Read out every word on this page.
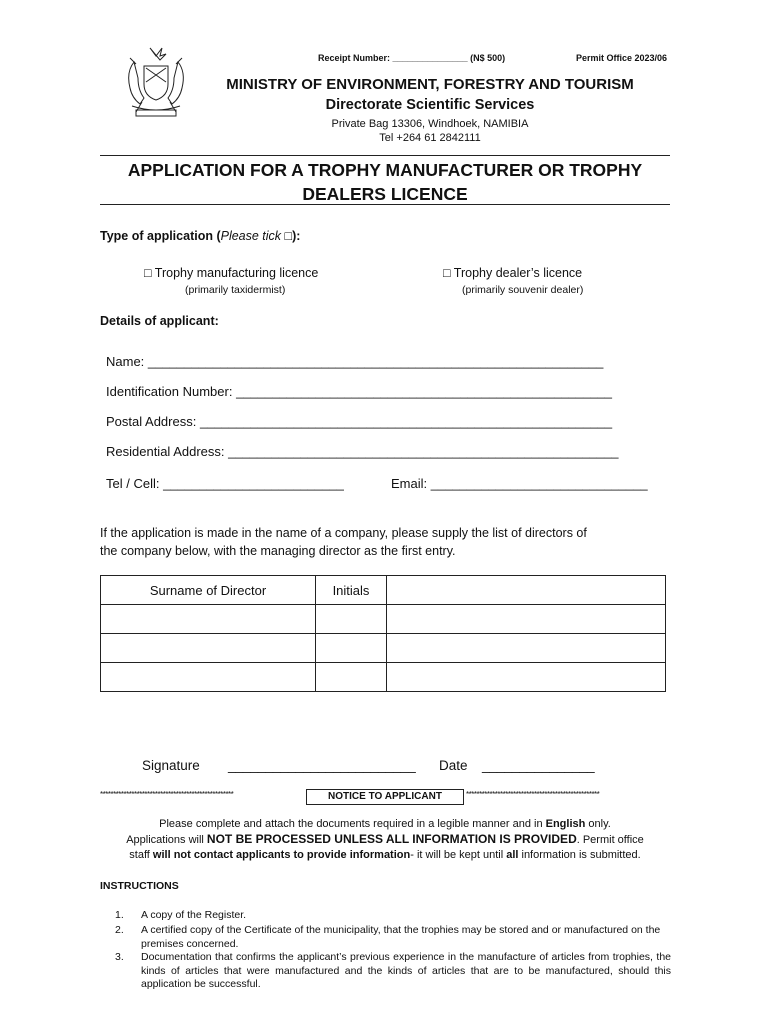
Receipt Number: _______________ (N$ 500)	Permit Office 2023/06
MINISTRY OF ENVIRONMENT, FORESTRY AND TOURISM
Directorate Scientific Services
Private Bag 13306, Windhoek, NAMIBIA
Tel +264 61 2842111
APPLICATION FOR A TROPHY MANUFACTURER OR TROPHY
DEALERS LICENCE
Type of application (Please tick □):
□ Trophy manufacturing licence
(primarily taxidermist)
□ Trophy dealer’s licence
(primarily souvenir dealer)
Details of applicant:
Name: _______________________________________________________________
Identification Number: ____________________________________________________
Postal Address: _________________________________________________________
Residential Address: ______________________________________________________
Tel / Cell: _________________________	Email: ______________________________
If the application is made in the name of a company, please supply the list of directors of
the company below, with the managing director as the first entry.
Surname of Director	Initials	

Signature _________________________ Date _______________
***************************************************	NOTICE TO APPLICANT	***************************************************
Please complete and attach the documents required in a legible manner and in English only.
Applications will NOT BE PROCESSED UNLESS ALL INFORMATION IS PROVIDED. Permit office
staff will not contact applicants to provide information- it will be kept until all information is submitted.
INSTRUCTIONS
1. A copy of the Register.
2. A certified copy of the Certificate of the municipality, that the trophies may be stored and or manufactured on the premises concerned.
3. Documentation that confirms the applicant’s previous experience in the manufacture of articles from trophies, the kinds of articles that were manufactured and the kinds of articles that are to be manufactured, should this application be successful.
